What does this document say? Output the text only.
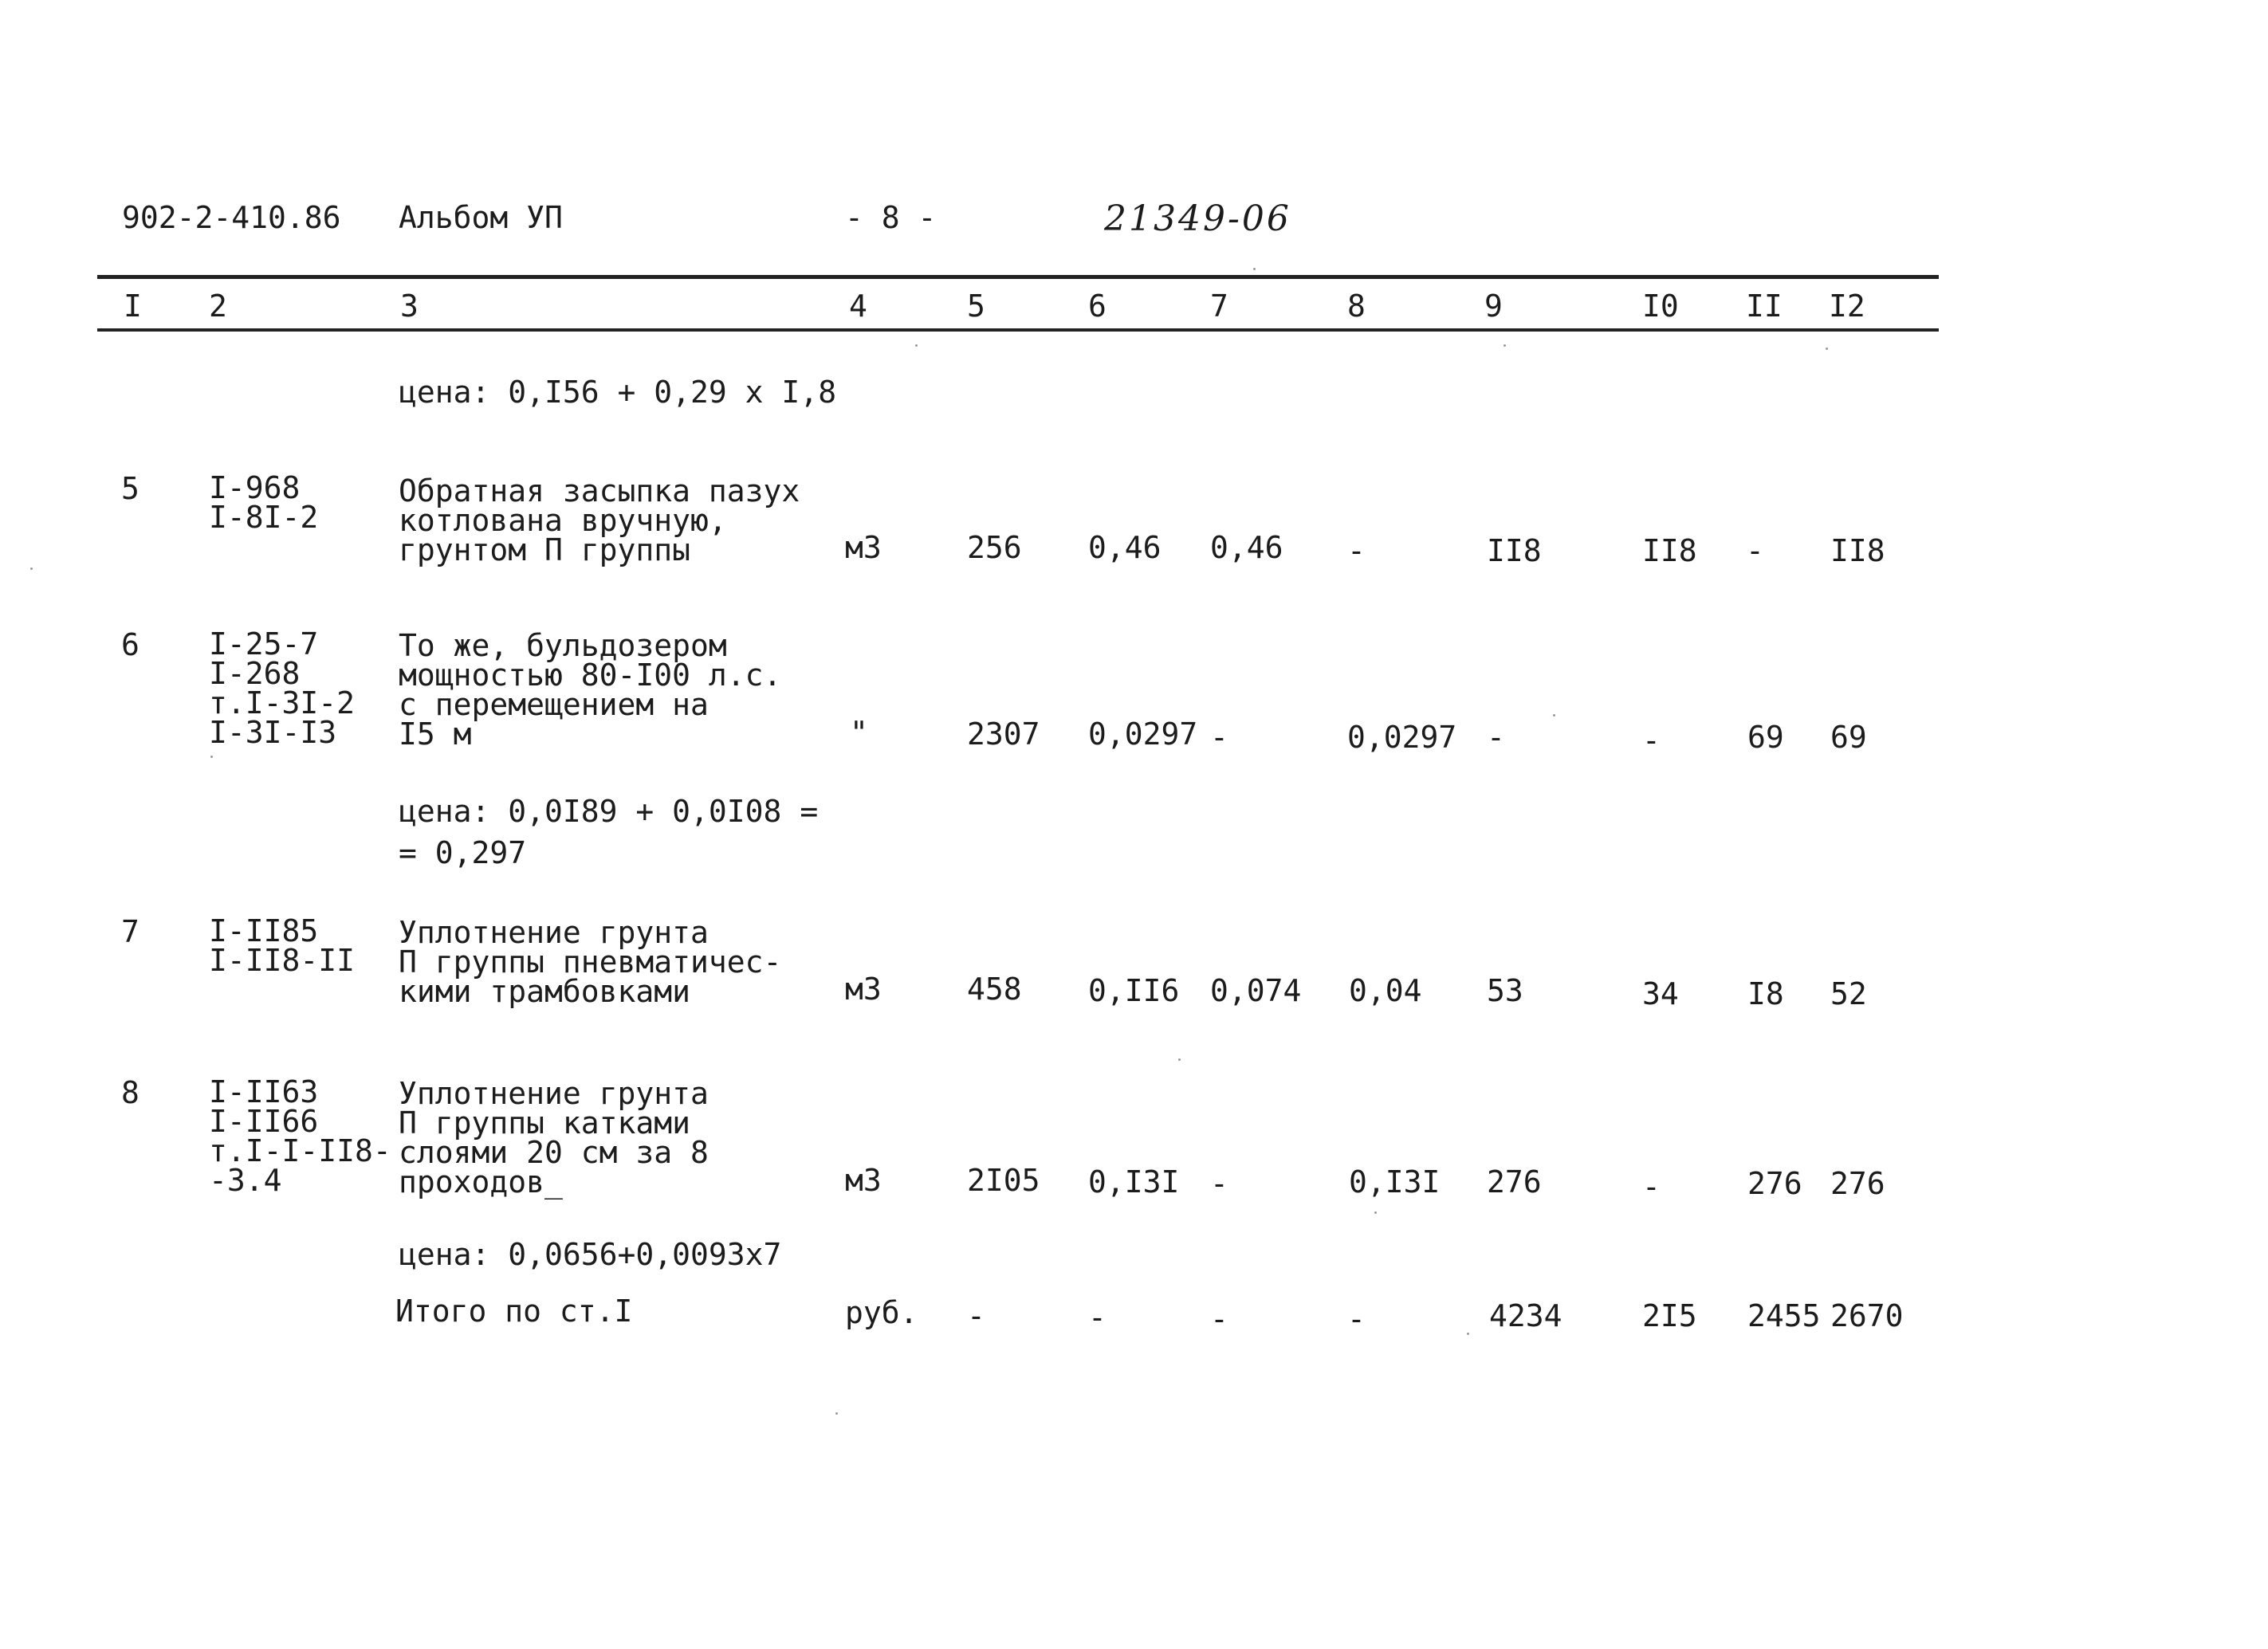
902-2-410.86 Альбом УП	- 8 -	21349-06
I 2	3	4	5	6	7	8	9	I0 II I2
цена: 0,I56 + 0,29 x I,8
5 I-968
I-8I-2
Обратная засыпка пазух
котлована вручную,
грунтом П группы	м3	256 0,46 0,46 -	II8	II8 - II8
6 I-25-7
I-268
т.I-3I-2
I-3I-I3
То же, бульдозером
мощностью 80-I00 л.с.
с перемещением на
I5 м	"	2307 0,0297 -	0,0297 -	-	69 69
цена: 0,0I89 + 0,0I08 =
= 0,297
7 I-II85
I-II8-II
Уплотнение грунта
П группы пневматичес-
кими трамбовками	м3	458 0,II6 0,074 0,04 53	34 I8 52
8 I-II63
I-II66
т.I-I-II8-
-3.4
Уплотнение грунта
П группы катками
слоями 20 см за 8
проходов_	м3	2I05 0,I3I -	0,I3I 276	-	276 276
цена: 0,0656+0,0093x7
Итого по ст.I	руб. -	-	-	-	4234	2I5 2455 2670
